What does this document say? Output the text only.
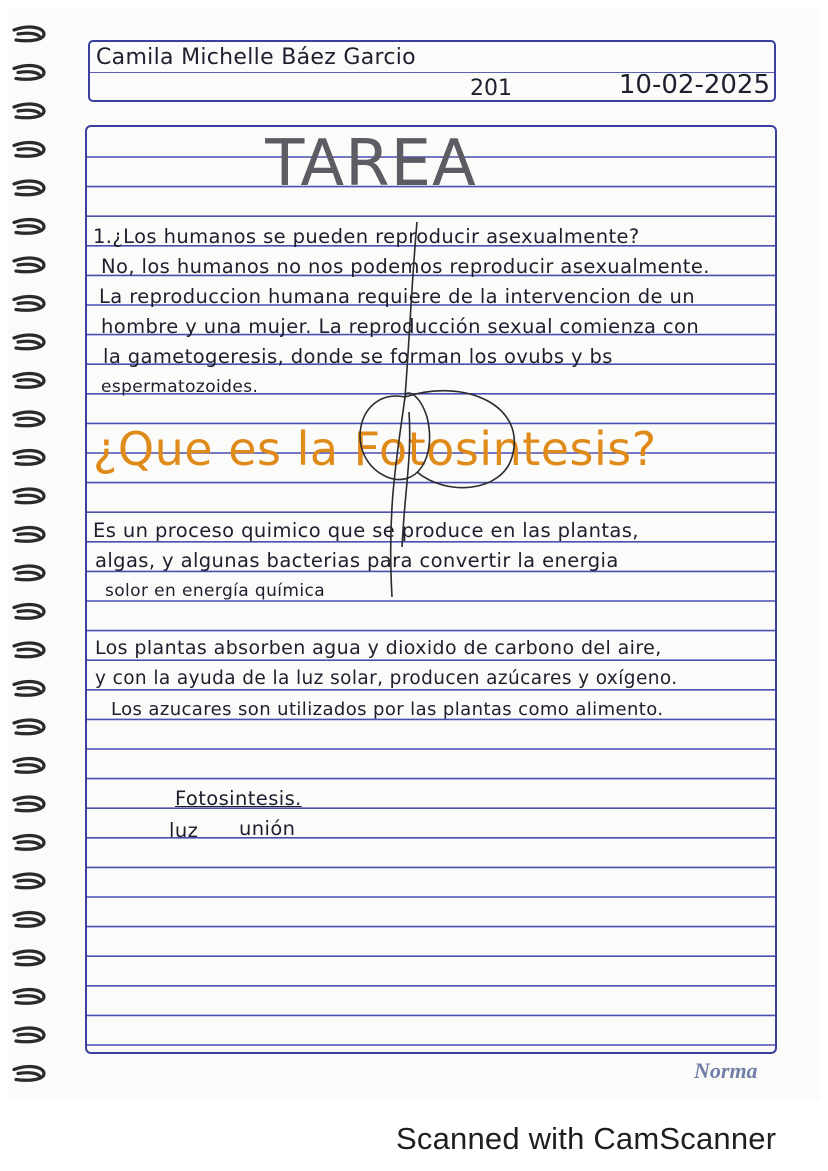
Camila Michelle Báez Garcio
201	10-02-2025
TAREA
1.¿Los humanos se pueden reproducir asexualmente?
No, los humanos no nos podemos reproducir asexualmente.
La reproduccion humana requiere de la intervencion de un
hombre y una mujer. La reproducción sexual comienza con
la gametogeresis, donde se forman los ovubs y bs
espermatozoides.
¿Que es la Fotosintesis?
Es un proceso quimico que se produce en las plantas,
algas, y algunas bacterias para convertir la energia
solor en energía química
Los plantas absorben agua y dioxido de carbono del aire,
y con la ayuda de la luz solar, producen azúcares y oxígeno.
Los azucares son utilizados por las plantas como alimento.
Fotosintesis.
luz unión
Norma
Scanned with CamScanner
